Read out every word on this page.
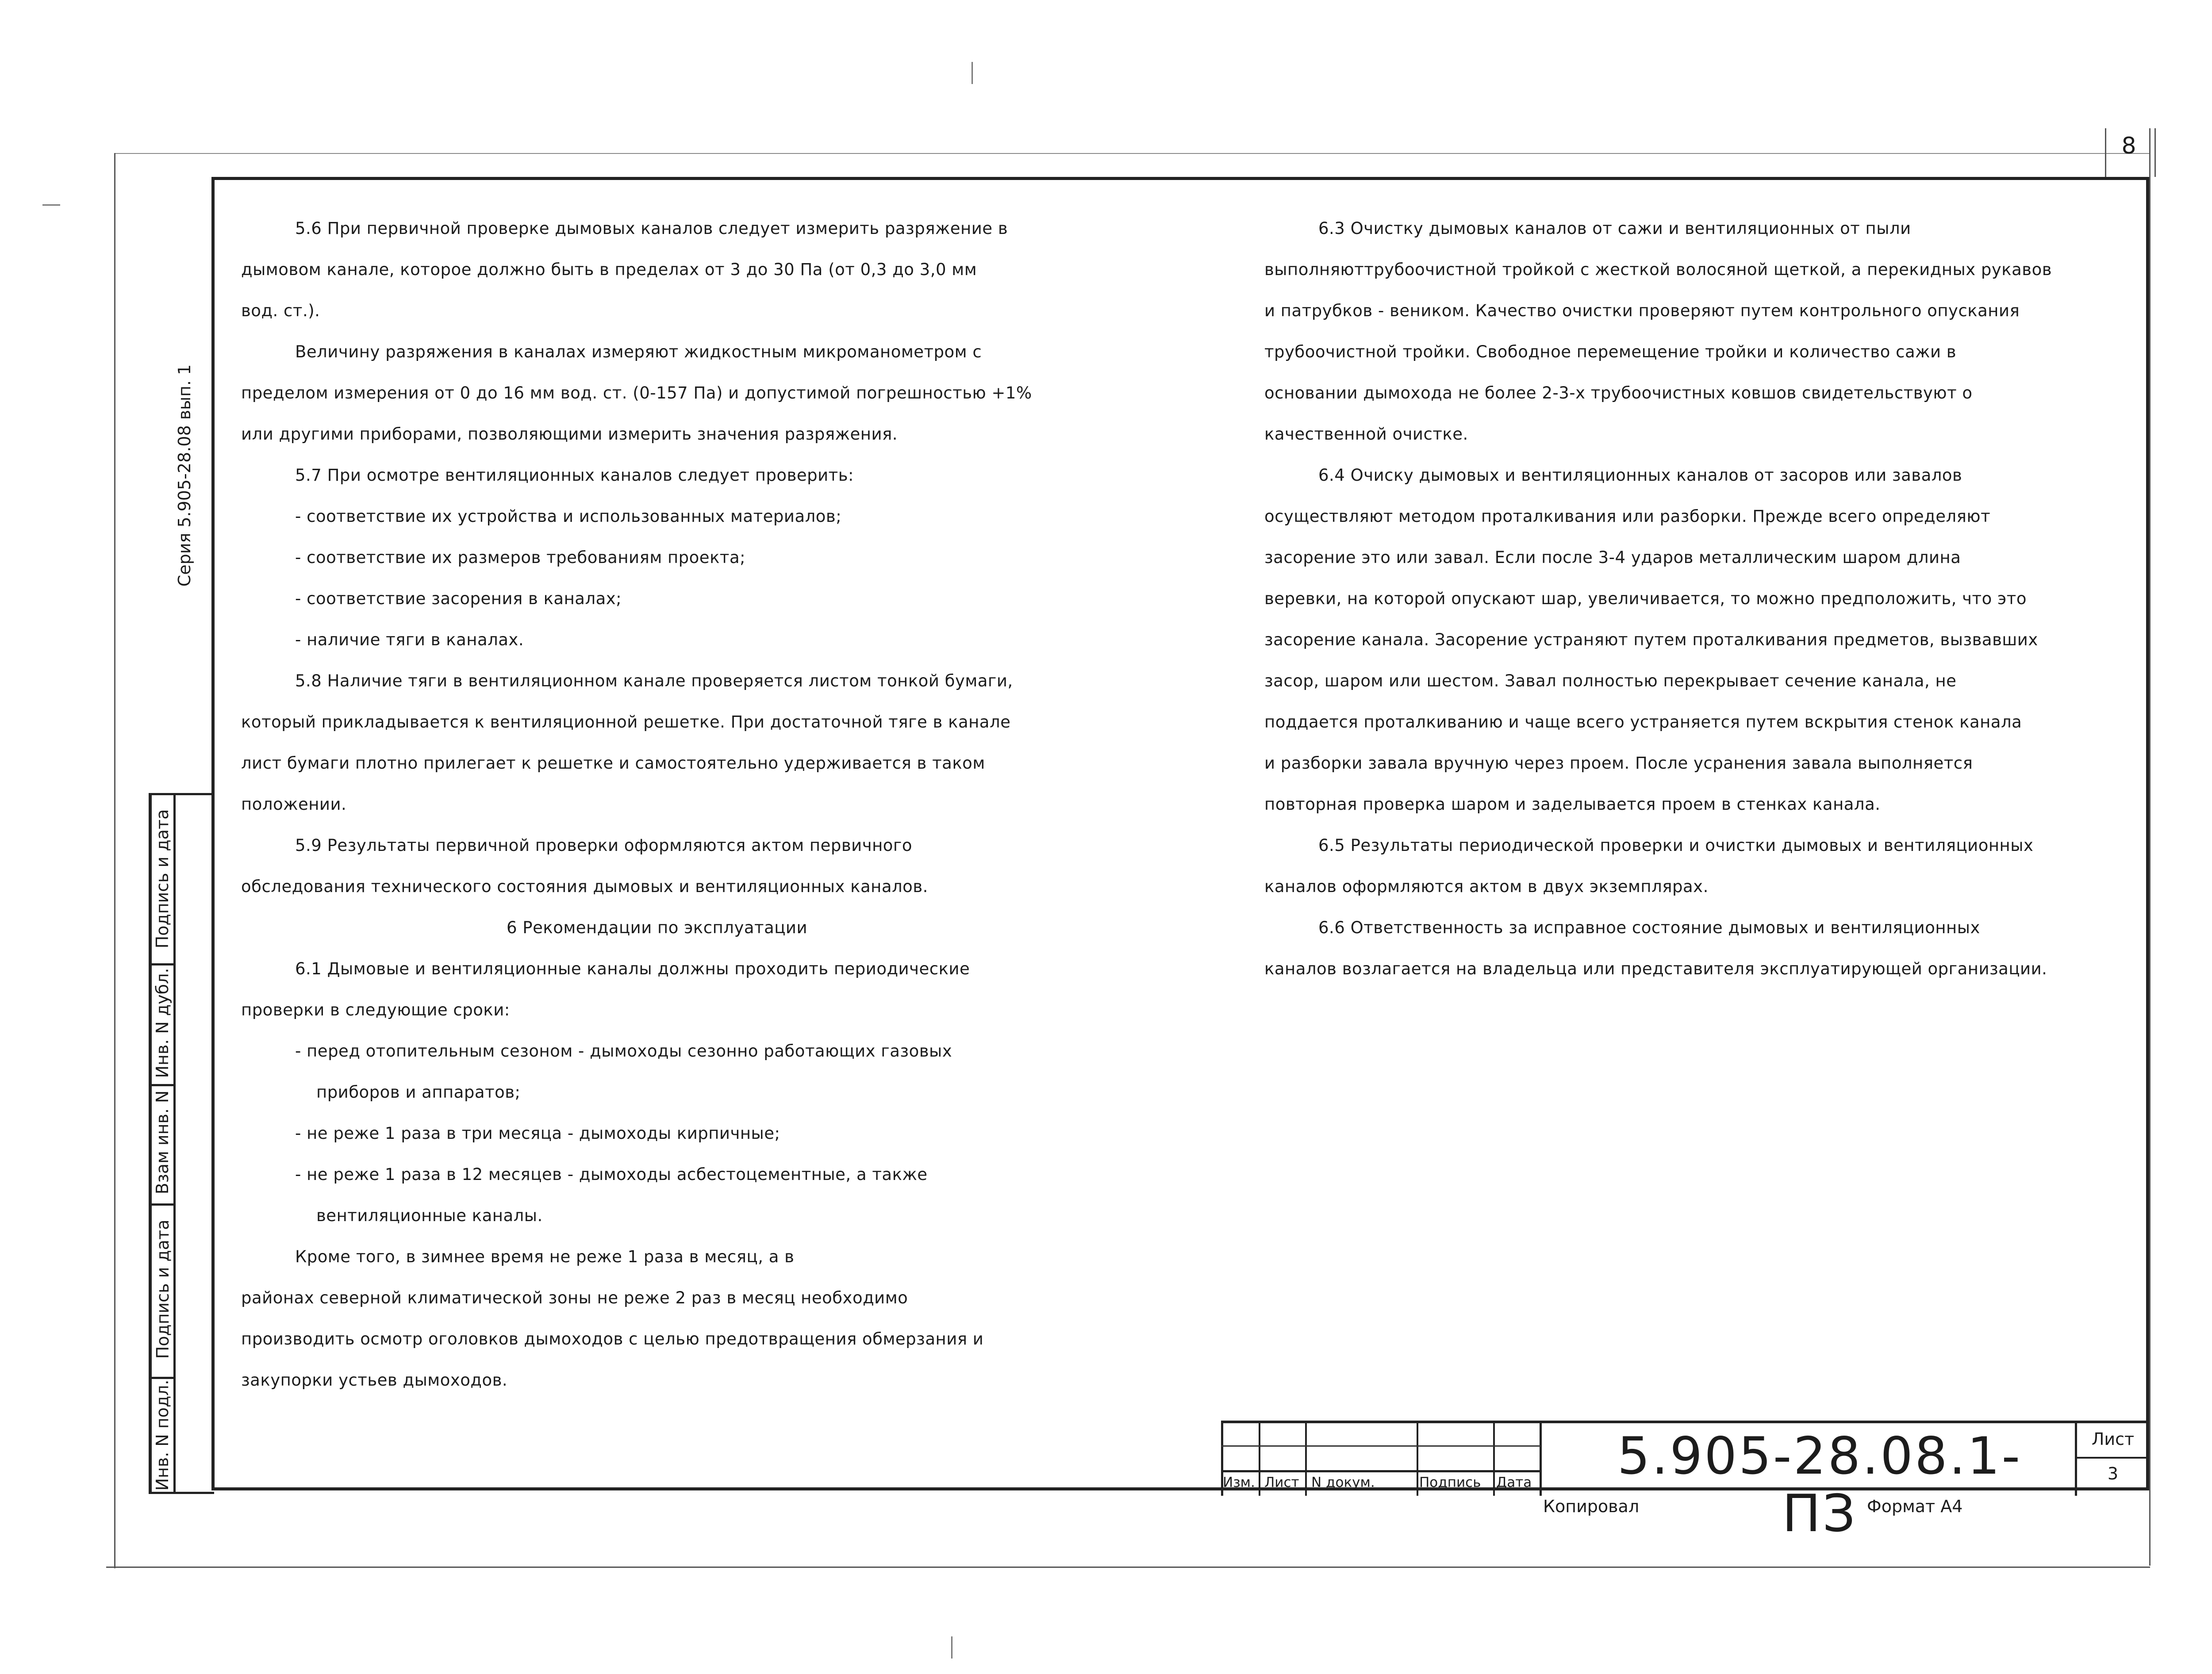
8
Серия 5.905-28.08 вып. 1
Подпись и дата
Инв. N дубл.
Взам инв. N
Подпись и дата
Инв. N подл.

5.6 При первичной проверке дымовых каналов следует измерить разряжение в

дымовом канале, которое должно быть в пределах от 3 до 30 Па (от 0,3 до 3,0 мм

вод. ст.).

Величину разряжения в каналах измеряют жидкостным микроманометром с

пределом измерения от 0 до 16 мм вод. ст. (0-157 Па) и допустимой погрешностью +1%

или другими приборами, позволяющими измерить значения разряжения.

5.7 При осмотре вентиляционных каналов следует проверить:

- соответствие их устройства и использованных материалов;

- соответствие их размеров требованиям проекта;

- соответствие засорения в каналах;

- наличие тяги в каналах.

5.8 Наличие тяги в вентиляционном канале проверяется листом тонкой бумаги,

который прикладывается к вентиляционной решетке. При достаточной тяге в канале

лист бумаги плотно прилегает к решетке и самостоятельно удерживается в таком

положении.

5.9 Результаты первичной проверки оформляются актом первичного

обследования технического состояния дымовых и вентиляционных каналов.

6 Рекомендации по эксплуатации

6.1 Дымовые и вентиляционные каналы должны проходить периодические

проверки в следующие сроки:

- перед отопительным сезоном - дымоходы сезонно работающих газовых

приборов и аппаратов;

- не реже 1 раза в три месяца - дымоходы кирпичные;

- не реже 1 раза в 12 месяцев - дымоходы асбестоцементные, а также

вентиляционные каналы.

Кроме того, в зимнее время не реже 1 раза в месяц, а в

районах северной климатической зоны не реже 2 раз в месяц необходимо

производить осмотр оголовков дымоходов с целью предотвращения обмерзания и

закупорки устьев дымоходов.

6.3 Очистку дымовых каналов от сажи и вентиляционных от пыли

выполняюттрубоочистной тройкой с жесткой волосяной щеткой, а перекидных рукавов

и патрубков - веником. Качество очистки проверяют путем контрольного опускания

трубоочистной тройки. Свободное перемещение тройки и количество сажи в

основании дымохода не более 2-3-х трубоочистных ковшов свидетельствуют о

качественной очистке.

6.4 Очиску дымовых и вентиляционных каналов от засоров или завалов

осуществляют методом проталкивания или разборки. Прежде всего определяют

засорение это или завал. Если после 3-4 ударов металлическим шаром длина

веревки, на которой опускают шар, увеличивается, то можно предположить, что это

засорение канала. Засорение устраняют путем проталкивания предметов, вызвавших

засор, шаром или шестом. Завал полностью перекрывает сечение канала, не

поддается проталкиванию и чаще всего устраняется путем вскрытия стенок канала

и разборки завала вручную через проем. После усранения завала выполняется

повторная проверка шаром и заделывается проем в стенках канала.

6.5 Результаты периодической проверки и очистки дымовых и вентиляционных

каналов оформляются актом в двух экземплярах.

6.6 Ответственность за исправное состояние дымовых и вентиляционных

каналов возлагается на владельца или представителя эксплуатирующей организации.

Изм. Лист N докум.	Подпись Дата	5.905-28.08.1-ПЗ
Лист
3
Копировал	Формат А4
